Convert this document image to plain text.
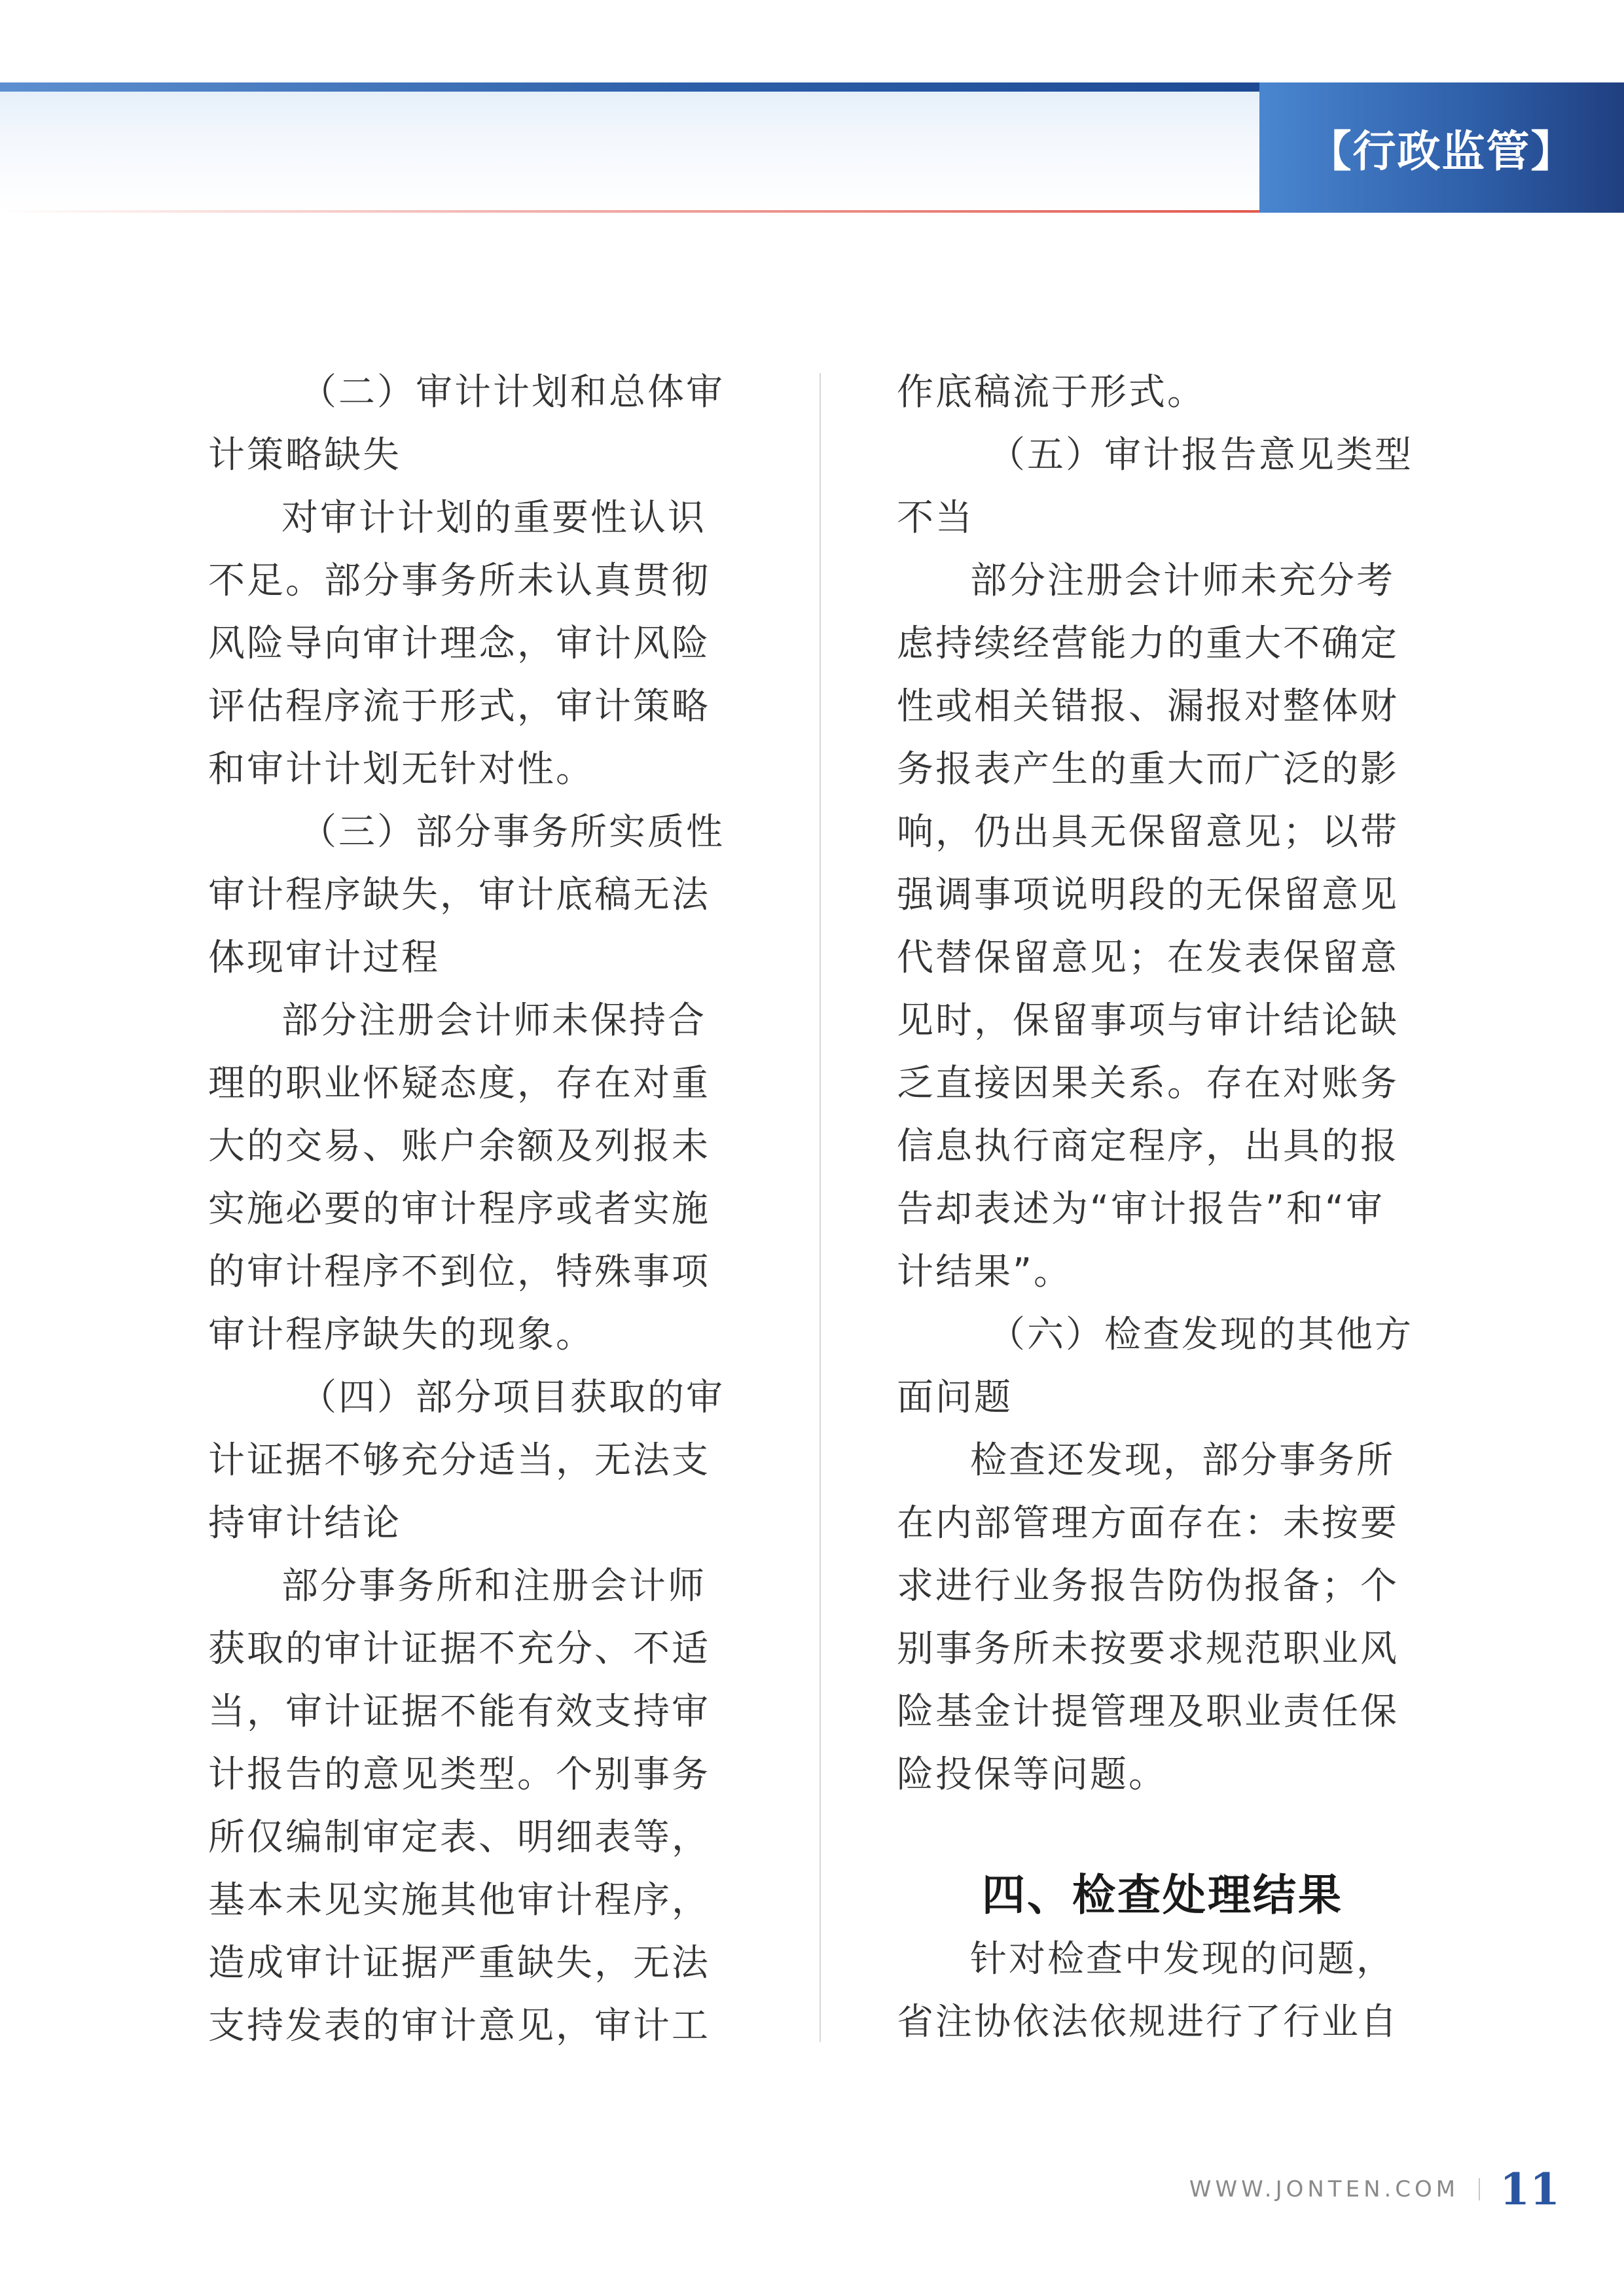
【行政监管】

（二）审计计划和总体审

计策略缺失

对审计计划的重要性认识

不足。部分事务所未认真贯彻

风险导向审计理念，审计风险

评估程序流于形式，审计策略

和审计计划无针对性。

（三）部分事务所实质性

审计程序缺失，审计底稿无法

体现审计过程

部分注册会计师未保持合

理的职业怀疑态度，存在对重

大的交易、账户余额及列报未

实施必要的审计程序或者实施

的审计程序不到位，特殊事项

审计程序缺失的现象。

（四）部分项目获取的审

计证据不够充分适当，无法支

持审计结论

部分事务所和注册会计师

获取的审计证据不充分、不适

当，审计证据不能有效支持审

计报告的意见类型。个别事务

所仅编制审定表、明细表等，

基本未见实施其他审计程序，

造成审计证据严重缺失，无法

支持发表的审计意见，审计工

作底稿流于形式。

（五）审计报告意见类型

不当

部分注册会计师未充分考

虑持续经营能力的重大不确定

性或相关错报、漏报对整体财

务报表产生的重大而广泛的影

响，仍出具无保留意见；以带

强调事项说明段的无保留意见

代替保留意见；在发表保留意

见时，保留事项与审计结论缺

乏直接因果关系。存在对账务

信息执行商定程序，出具的报

告却表述为“审计报告”和“审

计结果”。

（六）检查发现的其他方

面问题

检查还发现，部分事务所

在内部管理方面存在：未按要

求进行业务报告防伪报备；个

别事务所未按要求规范职业风

险基金计提管理及职业责任保

险投保等问题。

四、检查处理结果

针对检查中发现的问题，

省注协依法依规进行了行业自

WWW.JONTEN.COM 11
